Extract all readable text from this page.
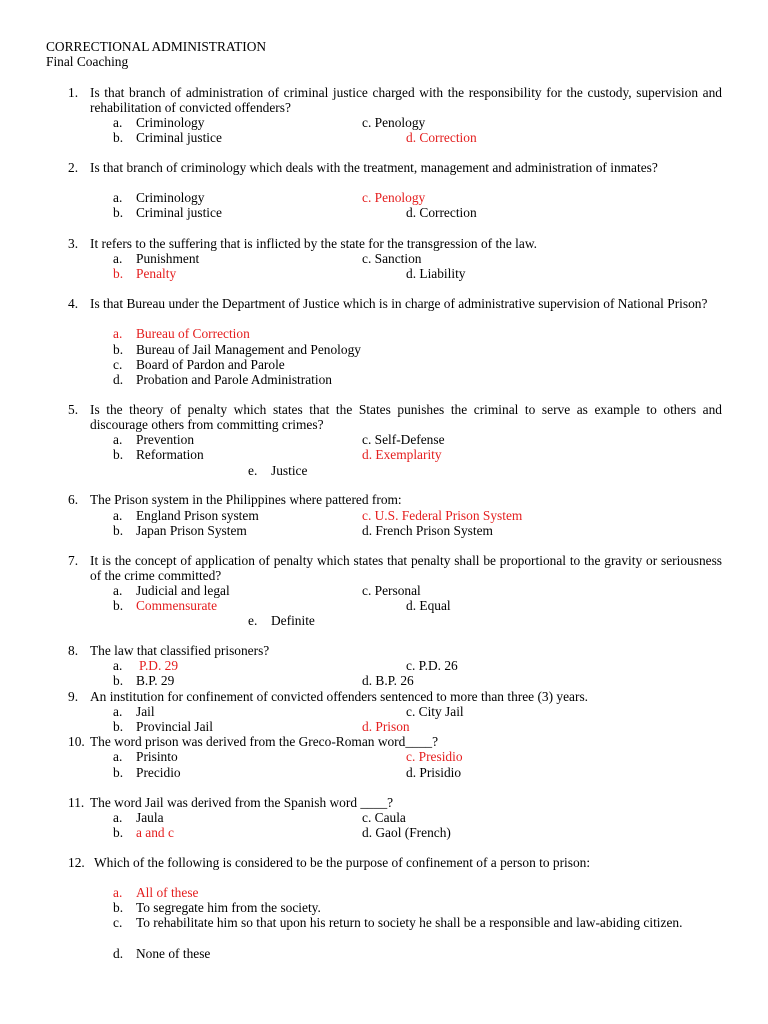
CORRECTIONAL ADMINISTRATION
Final Coaching
1. Is that branch of administration of criminal justice charged with the responsibility for the custody, supervision and rehabilitation of convicted offenders?
a. Criminology
b. Criminal justice
c. Penology
d. Correction
2. Is that branch of criminology which deals with the treatment, management and administration of inmates?
a. Criminology
b. Criminal justice
c. Penology
d. Correction
3. It refers to the suffering that is inflicted by the state for the transgression of the law.
a. Punishment
b. Penalty
c. Sanction
d. Liability
4. Is that Bureau under the Department of Justice which is in charge of administrative supervision of National Prison?
a. Bureau of Correction
b. Bureau of Jail Management and Penology
c. Board of Pardon and Parole
d. Probation and Parole Administration
5. Is the theory of penalty which states that the States punishes the criminal to serve as example to others and discourage others from committing crimes?
a. Prevention
b. Reformation
c. Self-Defense
d. Exemplarity
e. Justice
6. The Prison system in the Philippines where pattered from:
a. England Prison system
b. Japan Prison System
c. U.S. Federal Prison System
d. French Prison System
7. It is the concept of application of penalty which states that penalty shall be proportional to the gravity or seriousness of the crime committed?
a. Judicial and legal
b. Commensurate
c. Personal
d. Equal
e. Definite
8. The law that classified prisoners?
a. P.D. 29
b. B.P. 29
c. P.D. 26
d. B.P. 26
9. An institution for confinement of convicted offenders sentenced to more than three (3) years.
a. Jail
b. Provincial Jail
c. City Jail
d. Prison
10. The word prison was derived from the Greco-Roman word____?
a. Prisinto
b. Precidio
c. Presidio
d. Prisidio
11. The word Jail was derived from the Spanish word ____?
a. Jaula
b. a and c
c. Caula
d. Gaol (French)
12. Which of the following is considered to be the purpose of confinement of a person to prison:
a. All of these
b. To segregate him from the society.
c. To rehabilitate him so that upon his return to society he shall be a responsible and law-abiding citizen.
d. None of these
